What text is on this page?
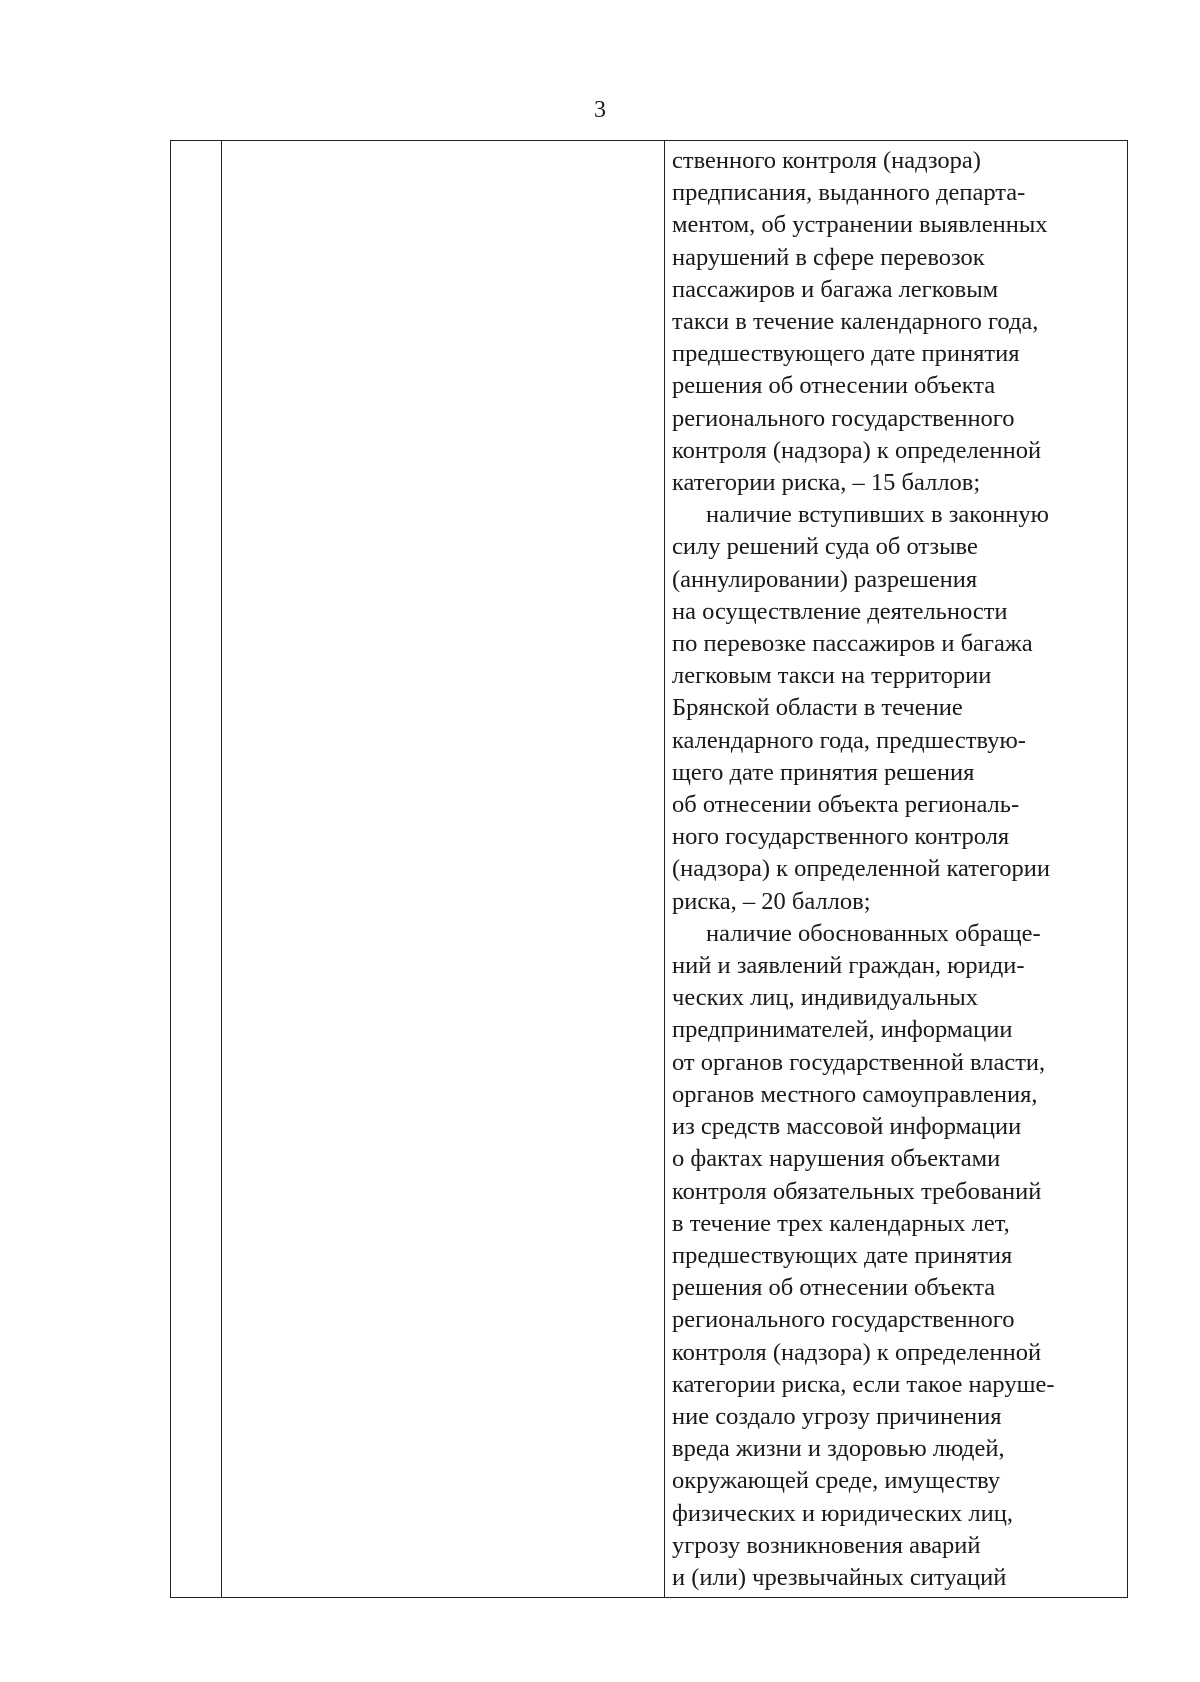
3

ственного контроля (надзора)
предписания, выданного департа-
ментом, об устранении выявленных
нарушений в сфере перевозок
пассажиров и багажа легковым
такси в течение календарного года,
предшествующего дате принятия
решения об отнесении объекта
регионального государственного
контроля (надзора) к определенной
категории риска, – 15 баллов;
наличие вступивших в законную
силу решений суда об отзыве
(аннулировании) разрешения
на осуществление деятельности
по перевозке пассажиров и багажа
легковым такси на территории
Брянской области в течение
календарного года, предшествую-
щего дате принятия решения
об отнесении объекта региональ-
ного государственного контроля
(надзора) к определенной категории
риска, – 20 баллов;
наличие обоснованных обраще-
ний и заявлений граждан, юриди-
ческих лиц, индивидуальных
предпринимателей, информации
от органов государственной власти,
органов местного самоуправления,
из средств массовой информации
о фактах нарушения объектами
контроля обязательных требований
в течение трех календарных лет,
предшествующих дате принятия
решения об отнесении объекта
регионального государственного
контроля (надзора) к определенной
категории риска, если такое наруше-
ние создало угрозу причинения
вреда жизни и здоровью людей,
окружающей среде, имуществу
физических и юридических лиц,
угрозу возникновения аварий
и (или) чрезвычайных ситуаций
